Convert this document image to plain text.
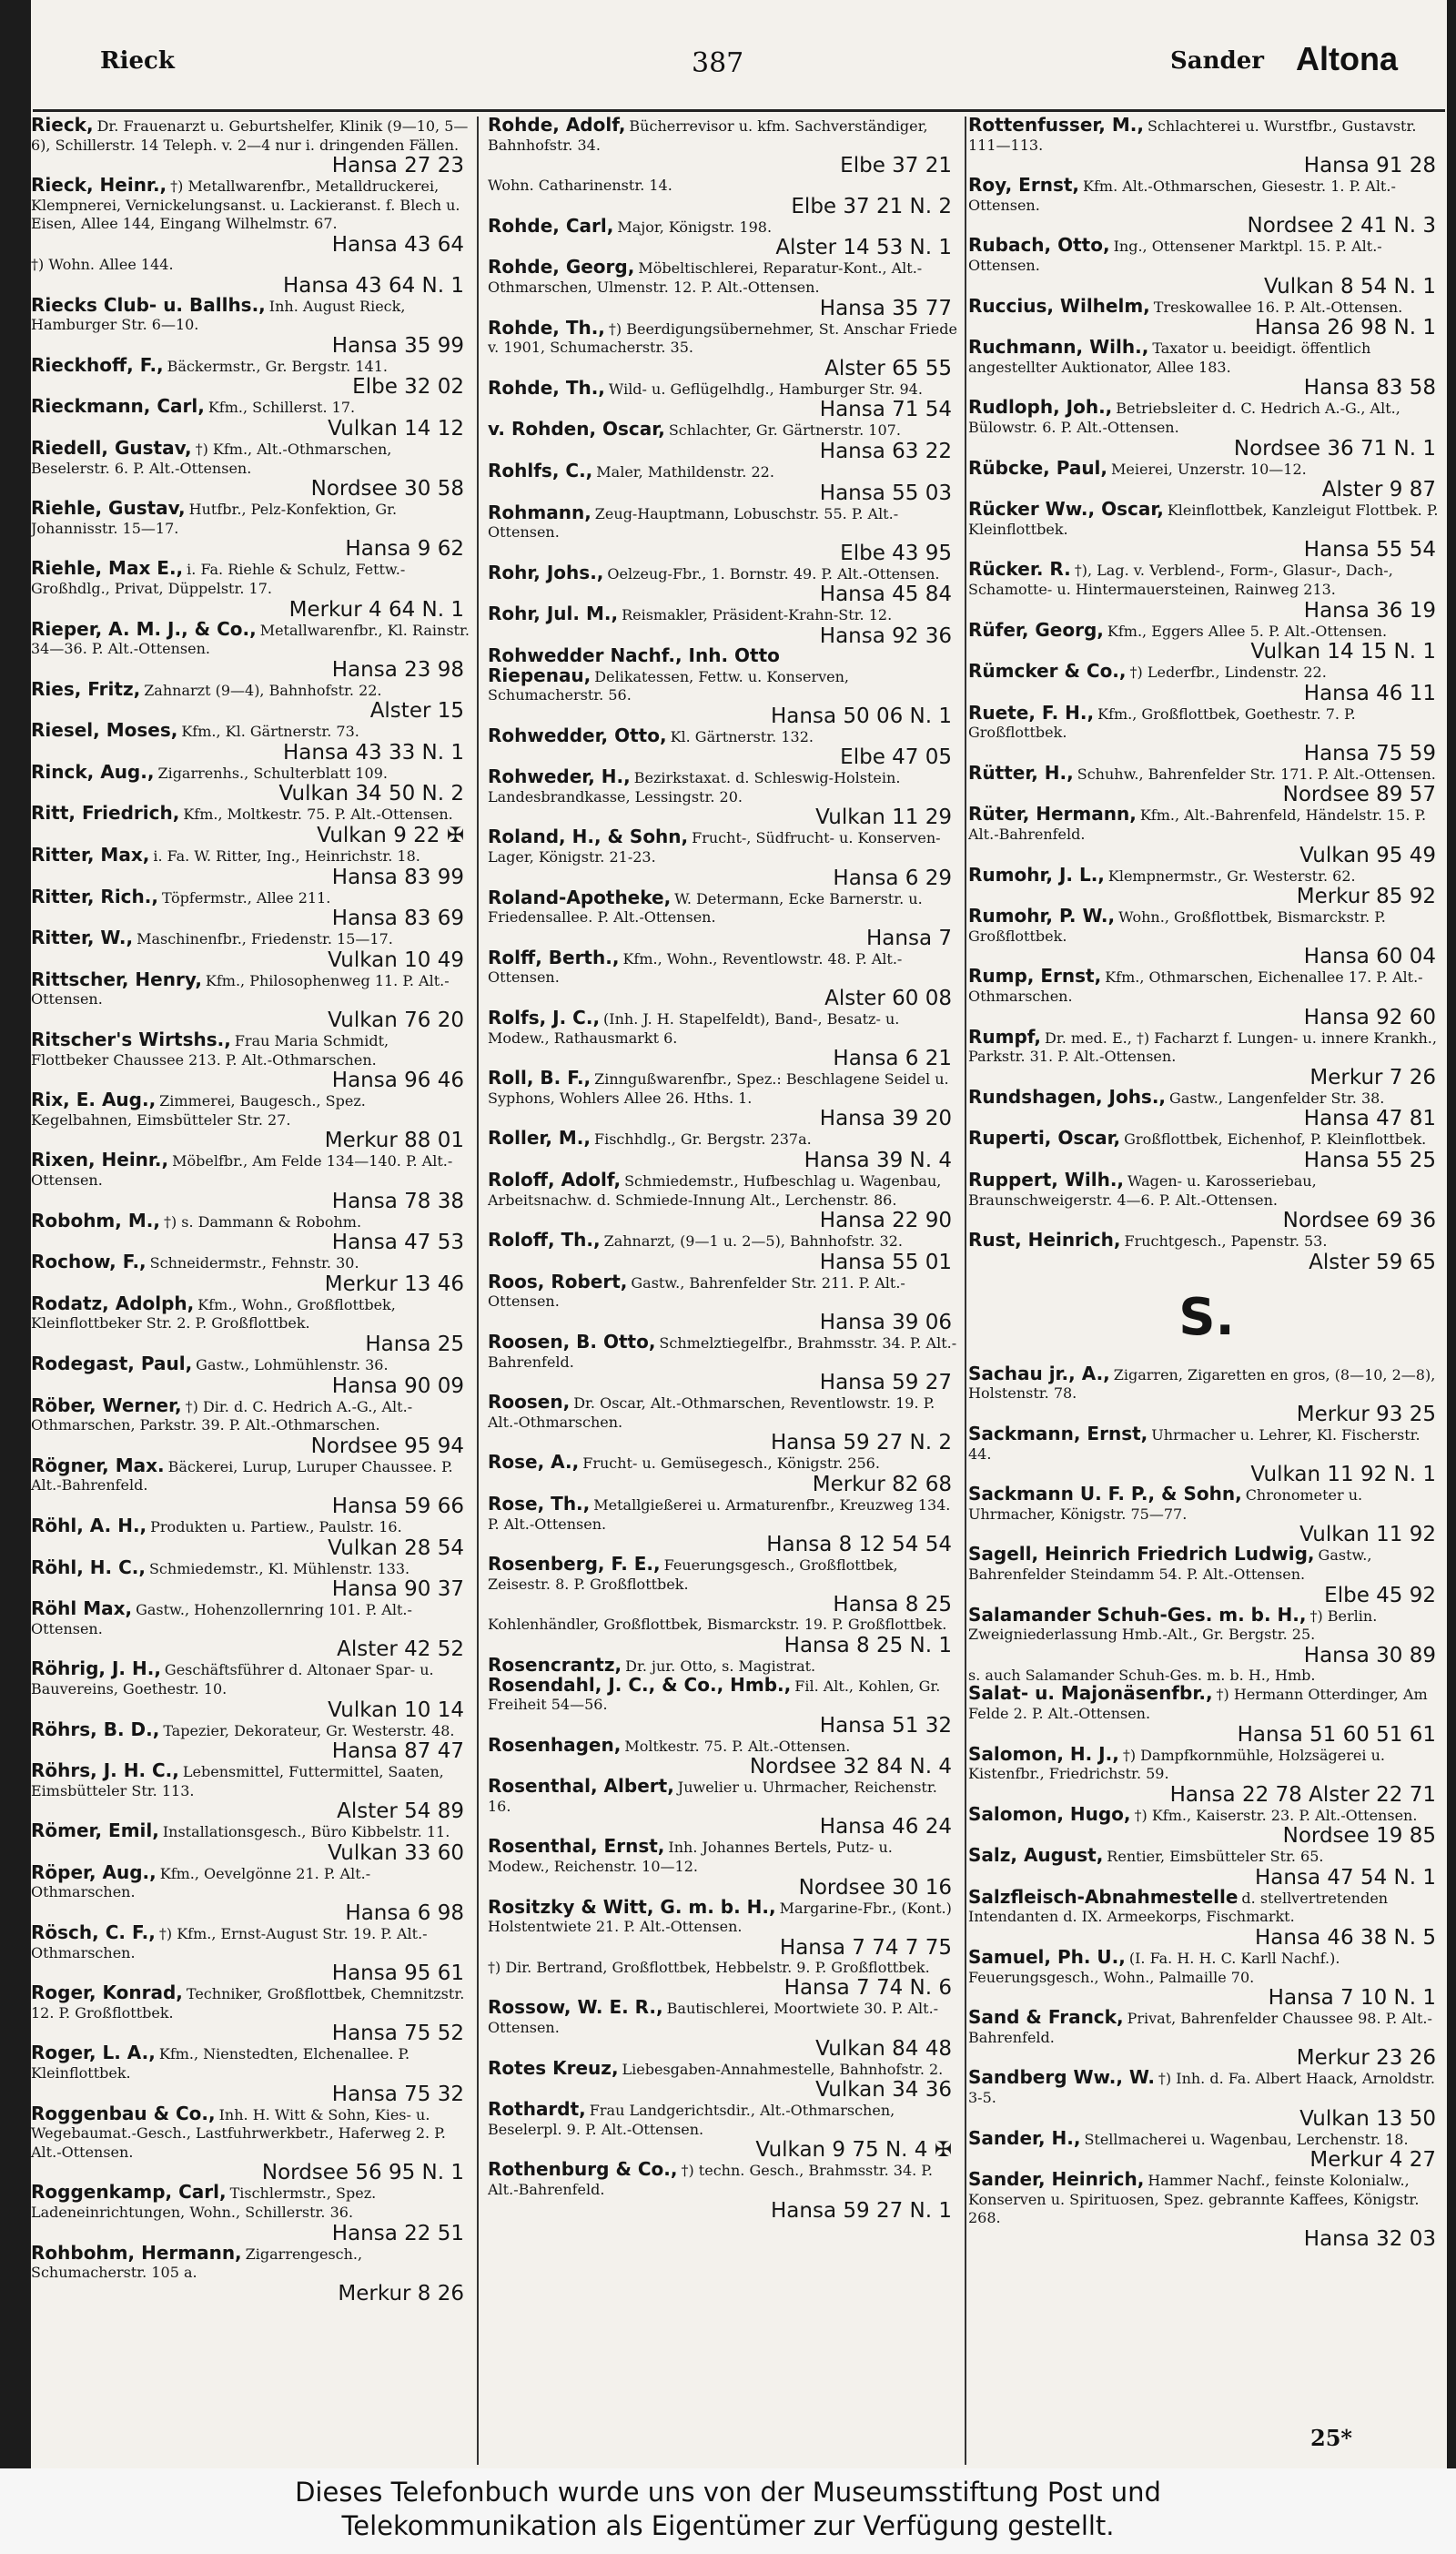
Rieck	387	Sander Altona
Rieck, Dr. Frauenarzt u. Geburtshelfer, Klinik (9—10, 5—6), Schillerstr. 14 Teleph. v. 2—4 nur i. dringenden Fällen.
Hansa 27 23
Rieck, Heinr., †) Metallwarenfbr., Metalldruckerei, Klempnerei, Vernickelungsanst. u. Lackieranst. f. Blech u. Eisen, Allee 144, Eingang Wilhelmstr. 67.
Hansa 43 64
†) Wohn. Allee 144.
Hansa 43 64 N. 1
Riecks Club- u. Ballhs., Inh. August Rieck, Hamburger Str. 6—10.
Hansa 35 99
Rieckhoff, F., Bäckermstr., Gr. Bergstr. 141.
Elbe 32 02
Rieckmann, Carl, Kfm., Schillerst. 17.
Vulkan 14 12
Riedell, Gustav, †) Kfm., Alt.-Othmarschen, Beselerstr. 6. P. Alt.-Ottensen.
Nordsee 30 58
Riehle, Gustav, Hutfbr., Pelz-Konfektion, Gr. Johannisstr. 15—17.
Hansa 9 62
Riehle, Max E., i. Fa. Riehle & Schulz, Fettw.-Großhdlg., Privat, Düppelstr. 17.
Merkur 4 64 N. 1
Rieper, A. M. J., & Co., Metallwarenfbr., Kl. Rainstr. 34—36. P. Alt.-Ottensen.
Hansa 23 98
Ries, Fritz, Zahnarzt (9—4), Bahnhofstr. 22.
Alster 15
Riesel, Moses, Kfm., Kl. Gärtnerstr. 73.
Hansa 43 33 N. 1
Rinck, Aug., Zigarrenhs., Schulterblatt 109.
Vulkan 34 50 N. 2
Ritt, Friedrich, Kfm., Moltkestr. 75. P. Alt.-Ottensen.
Vulkan 9 22 ✠
Ritter, Max, i. Fa. W. Ritter, Ing., Heinrichstr. 18.
Hansa 83 99
Ritter, Rich., Töpfermstr., Allee 211.
Hansa 83 69
Ritter, W., Maschinenfbr., Friedenstr. 15—17.
Vulkan 10 49
Rittscher, Henry, Kfm., Philosophenweg 11. P. Alt.-Ottensen.
Vulkan 76 20
Ritscher's Wirtshs., Frau Maria Schmidt, Flottbeker Chaussee 213. P. Alt.-Othmarschen.
Hansa 96 46
Rix, E. Aug., Zimmerei, Baugesch., Spez. Kegelbahnen, Eimsbütteler Str. 27.
Merkur 88 01
Rixen, Heinr., Möbelfbr., Am Felde 134—140. P. Alt.-Ottensen.
Hansa 78 38
Robohm, M., †) s. Dammann & Robohm.
Hansa 47 53
Rochow, F., Schneidermstr., Fehnstr. 30.
Merkur 13 46
Rodatz, Adolph, Kfm., Wohn., Großflottbek, Kleinflottbeker Str. 2. P. Großflottbek.
Hansa 25
Rodegast, Paul, Gastw., Lohmühlenstr. 36.
Hansa 90 09
Röber, Werner, †) Dir. d. C. Hedrich A.-G., Alt.-Othmarschen, Parkstr. 39. P. Alt.-Othmarschen.
Nordsee 95 94
Rögner, Max. Bäckerei, Lurup, Luruper Chaussee. P. Alt.-Bahrenfeld.
Hansa 59 66
Röhl, A. H., Produkten u. Partiew., Paulstr. 16.
Vulkan 28 54
Röhl, H. C., Schmiedemstr., Kl. Mühlenstr. 133.
Hansa 90 37
Röhl Max, Gastw., Hohenzollernring 101. P. Alt.-Ottensen.
Alster 42 52
Röhrig, J. H., Geschäftsführer d. Altonaer Spar- u. Bauvereins, Goethestr. 10.
Vulkan 10 14
Röhrs, B. D., Tapezier, Dekorateur, Gr. Westerstr. 48.
Hansa 87 47
Röhrs, J. H. C., Lebensmittel, Futtermittel, Saaten, Eimsbütteler Str. 113.
Alster 54 89
Römer, Emil, Installationsgesch., Büro Kibbelstr. 11.
Vulkan 33 60
Röper, Aug., Kfm., Oevelgönne 21. P. Alt.-Othmarschen.
Hansa 6 98
Rösch, C. F., †) Kfm., Ernst-August Str. 19. P. Alt.-Othmarschen.
Hansa 95 61
Roger, Konrad, Techniker, Großflottbek, Chemnitzstr. 12. P. Großflottbek.
Hansa 75 52
Roger, L. A., Kfm., Nienstedten, Elchenallee. P. Kleinflottbek.
Hansa 75 32
Roggenbau & Co., Inh. H. Witt & Sohn, Kies- u. Wegebaumat.-Gesch., Lastfuhrwerkbetr., Haferweg 2. P. Alt.-Ottensen.
Nordsee 56 95 N. 1
Roggenkamp, Carl, Tischlermstr., Spez. Ladeneinrichtungen, Wohn., Schillerstr. 36.
Hansa 22 51
Rohbohm, Hermann, Zigarrengesch., Schumacherstr. 105 a.
Merkur 8 26
Rohde, Adolf, Bücherrevisor u. kfm. Sachverständiger, Bahnhofstr. 34.
Elbe 37 21
Wohn. Catharinenstr. 14.
Elbe 37 21 N. 2
Rohde, Carl, Major, Königstr. 198.
Alster 14 53 N. 1
Rohde, Georg, Möbeltischlerei, Reparatur-Kont., Alt.-Othmarschen, Ulmenstr. 12. P. Alt.-Ottensen.
Hansa 35 77
Rohde, Th., †) Beerdigungsübernehmer, St. Anschar Friede v. 1901, Schumacherstr. 35.
Alster 65 55
Rohde, Th., Wild- u. Geflügelhdlg., Hamburger Str. 94.
Hansa 71 54
v. Rohden, Oscar, Schlachter, Gr. Gärtnerstr. 107.
Hansa 63 22
Rohlfs, C., Maler, Mathildenstr. 22.
Hansa 55 03
Rohmann, Zeug-Hauptmann, Lobuschstr. 55. P. Alt.-Ottensen.
Elbe 43 95
Rohr, Johs., Oelzeug-Fbr., 1. Bornstr. 49. P. Alt.-Ottensen.
Hansa 45 84
Rohr, Jul. M., Reismakler, Präsident-Krahn-Str. 12.
Hansa 92 36
Rohwedder Nachf., Inh. Otto Riepenau, Delikatessen, Fettw. u. Konserven, Schumacherstr. 56.
Hansa 50 06 N. 1
Rohwedder, Otto, Kl. Gärtnerstr. 132.
Elbe 47 05
Rohweder, H., Bezirkstaxat. d. Schleswig-Holstein. Landesbrandkasse, Lessingstr. 20.
Vulkan 11 29
Roland, H., & Sohn, Frucht-, Südfrucht- u. Konserven-Lager, Königstr. 21-23.
Hansa 6 29
Roland-Apotheke, W. Determann, Ecke Barnerstr. u. Friedensallee. P. Alt.-Ottensen.
Hansa 7
Rolff, Berth., Kfm., Wohn., Reventlowstr. 48. P. Alt.-Ottensen.
Alster 60 08
Rolfs, J. C., (Inh. J. H. Stapelfeldt), Band-, Besatz- u. Modew., Rathausmarkt 6.
Hansa 6 21
Roll, B. F., Zinngußwarenfbr., Spez.: Beschlagene Seidel u. Syphons, Wohlers Allee 26. Hths. 1.
Hansa 39 20
Roller, M., Fischhdlg., Gr. Bergstr. 237a.
Hansa 39 N. 4
Roloff, Adolf, Schmiedemstr., Hufbeschlag u. Wagenbau, Arbeitsnachw. d. Schmiede-Innung Alt., Lerchenstr. 86.
Hansa 22 90
Roloff, Th., Zahnarzt, (9—1 u. 2—5), Bahnhofstr. 32.
Hansa 55 01
Roos, Robert, Gastw., Bahrenfelder Str. 211. P. Alt.-Ottensen.
Hansa 39 06
Roosen, B. Otto, Schmelztiegelfbr., Brahmsstr. 34. P. Alt.-Bahrenfeld.
Hansa 59 27
Roosen, Dr. Oscar, Alt.-Othmarschen, Reventlowstr. 19. P. Alt.-Othmarschen.
Hansa 59 27 N. 2
Rose, A., Frucht- u. Gemüsegesch., Königstr. 256.
Merkur 82 68
Rose, Th., Metallgießerei u. Armaturenfbr., Kreuzweg 134. P. Alt.-Ottensen.
Hansa 8 12 54 54
Rosenberg, F. E., Feuerungsgesch., Großflottbek, Zeisestr. 8. P. Großflottbek.
Hansa 8 25
Kohlenhändler, Großflottbek, Bismarckstr. 19. P. Großflottbek.
Hansa 8 25 N. 1
Rosencrantz, Dr. jur. Otto, s. Magistrat.
Rosendahl, J. C., & Co., Hmb., Fil. Alt., Kohlen, Gr. Freiheit 54—56.
Hansa 51 32
Rosenhagen, Moltkestr. 75. P. Alt.-Ottensen.
Nordsee 32 84 N. 4
Rosenthal, Albert, Juwelier u. Uhrmacher, Reichenstr. 16.
Hansa 46 24
Rosenthal, Ernst, Inh. Johannes Bertels, Putz- u. Modew., Reichenstr. 10—12.
Nordsee 30 16
Rositzky & Witt, G. m. b. H., Margarine-Fbr., (Kont.) Holstentwiete 21. P. Alt.-Ottensen.
Hansa 7 74 7 75
†) Dir. Bertrand, Großflottbek, Hebbelstr. 9. P. Großflottbek.
Hansa 7 74 N. 6
Rossow, W. E. R., Bautischlerei, Moortwiete 30. P. Alt.-Ottensen.
Vulkan 84 48
Rotes Kreuz, Liebesgaben-Annahmestelle, Bahnhofstr. 2.
Vulkan 34 36
Rothardt, Frau Landgerichtsdir., Alt.-Othmarschen, Beselerpl. 9. P. Alt.-Ottensen.
Vulkan 9 75 N. 4 ✠
Rothenburg & Co., †) techn. Gesch., Brahmsstr. 34. P. Alt.-Bahrenfeld.
Hansa 59 27 N. 1
Rottenfusser, M., Schlachterei u. Wurstfbr., Gustavstr. 111—113.
Hansa 91 28
Roy, Ernst, Kfm. Alt.-Othmarschen, Giesestr. 1. P. Alt.-Ottensen.
Nordsee 2 41 N. 3
Rubach, Otto, Ing., Ottensener Marktpl. 15. P. Alt.-Ottensen.
Vulkan 8 54 N. 1
Ruccius, Wilhelm, Treskowallee 16. P. Alt.-Ottensen.
Hansa 26 98 N. 1
Ruchmann, Wilh., Taxator u. beeidigt. öffentlich angestellter Auktionator, Allee 183.
Hansa 83 58
Rudloph, Joh., Betriebsleiter d. C. Hedrich A.-G., Alt., Bülowstr. 6. P. Alt.-Ottensen.
Nordsee 36 71 N. 1
Rübcke, Paul, Meierei, Unzerstr. 10—12.
Alster 9 87
Rücker Ww., Oscar, Kleinflottbek, Kanzleigut Flottbek. P. Kleinflottbek.
Hansa 55 54
Rücker. R. †), Lag. v. Verblend-, Form-, Glasur-, Dach-, Schamotte- u. Hintermauersteinen, Rainweg 213.
Hansa 36 19
Rüfer, Georg, Kfm., Eggers Allee 5. P. Alt.-Ottensen.
Vulkan 14 15 N. 1
Rümcker & Co., †) Lederfbr., Lindenstr. 22.
Hansa 46 11
Ruete, F. H., Kfm., Großflottbek, Goethestr. 7. P. Großflottbek.
Hansa 75 59
Rütter, H., Schuhw., Bahrenfelder Str. 171. P. Alt.-Ottensen.
Nordsee 89 57
Rüter, Hermann, Kfm., Alt.-Bahrenfeld, Händelstr. 15. P. Alt.-Bahrenfeld.
Vulkan 95 49
Rumohr, J. L., Klempnermstr., Gr. Westerstr. 62.
Merkur 85 92
Rumohr, P. W., Wohn., Großflottbek, Bismarckstr. P. Großflottbek.
Hansa 60 04
Rump, Ernst, Kfm., Othmarschen, Eichenallee 17. P. Alt.-Othmarschen.
Hansa 92 60
Rumpf, Dr. med. E., †) Facharzt f. Lungen- u. innere Krankh., Parkstr. 31. P. Alt.-Ottensen.
Merkur 7 26
Rundshagen, Johs., Gastw., Langenfelder Str. 38.
Hansa 47 81
Ruperti, Oscar, Großflottbek, Eichenhof, P. Kleinflottbek.
Hansa 55 25
Ruppert, Wilh., Wagen- u. Karosseriebau, Braunschweigerstr. 4—6. P. Alt.-Ottensen.
Nordsee 69 36
Rust, Heinrich, Fruchtgesch., Papenstr. 53.
Alster 59 65
S.
Sachau jr., A., Zigarren, Zigaretten en gros, (8—10, 2—8), Holstenstr. 78.
Merkur 93 25
Sackmann, Ernst, Uhrmacher u. Lehrer, Kl. Fischerstr. 44.
Vulkan 11 92 N. 1
Sackmann U. F. P., & Sohn, Chronometer u. Uhrmacher, Königstr. 75—77.
Vulkan 11 92
Sagell, Heinrich Friedrich Ludwig, Gastw., Bahrenfelder Steindamm 54. P. Alt.-Ottensen.
Elbe 45 92
Salamander Schuh-Ges. m. b. H., †) Berlin. Zweigniederlassung Hmb.-Alt., Gr. Bergstr. 25.
Hansa 30 89
s. auch Salamander Schuh-Ges. m. b. H., Hmb.
Salat- u. Majonäsenfbr., †) Hermann Otterdinger, Am Felde 2. P. Alt.-Ottensen.
Hansa 51 60 51 61
Salomon, H. J., †) Dampfkornmühle, Holzsägerei u. Kistenfbr., Friedrichstr. 59.
Hansa 22 78 Alster 22 71
Salomon, Hugo, †) Kfm., Kaiserstr. 23. P. Alt.-Ottensen.
Nordsee 19 85
Salz, August, Rentier, Eimsbütteler Str. 65.
Hansa 47 54 N. 1
Salzfleisch-Abnahmestelle d. stellvertretenden Intendanten d. IX. Armeekorps, Fischmarkt.
Hansa 46 38 N. 5
Samuel, Ph. U., (I. Fa. H. H. C. Karll Nachf.). Feuerungsgesch., Wohn., Palmaille 70.
Hansa 7 10 N. 1
Sand & Franck, Privat, Bahrenfelder Chaussee 98. P. Alt.-Bahrenfeld.
Merkur 23 26
Sandberg Ww., W. †) Inh. d. Fa. Albert Haack, Arnoldstr. 3-5.
Vulkan 13 50
Sander, H., Stellmacherei u. Wagenbau, Lerchenstr. 18.
Merkur 4 27
Sander, Heinrich, Hammer Nachf., feinste Kolonialw., Konserven u. Spirituosen, Spez. gebrannte Kaffees, Königstr. 268.
Hansa 32 03
25*
Dieses Telefonbuch wurde uns von der Museumsstiftung Post und
Telekommunikation als Eigentümer zur Verfügung gestellt.
